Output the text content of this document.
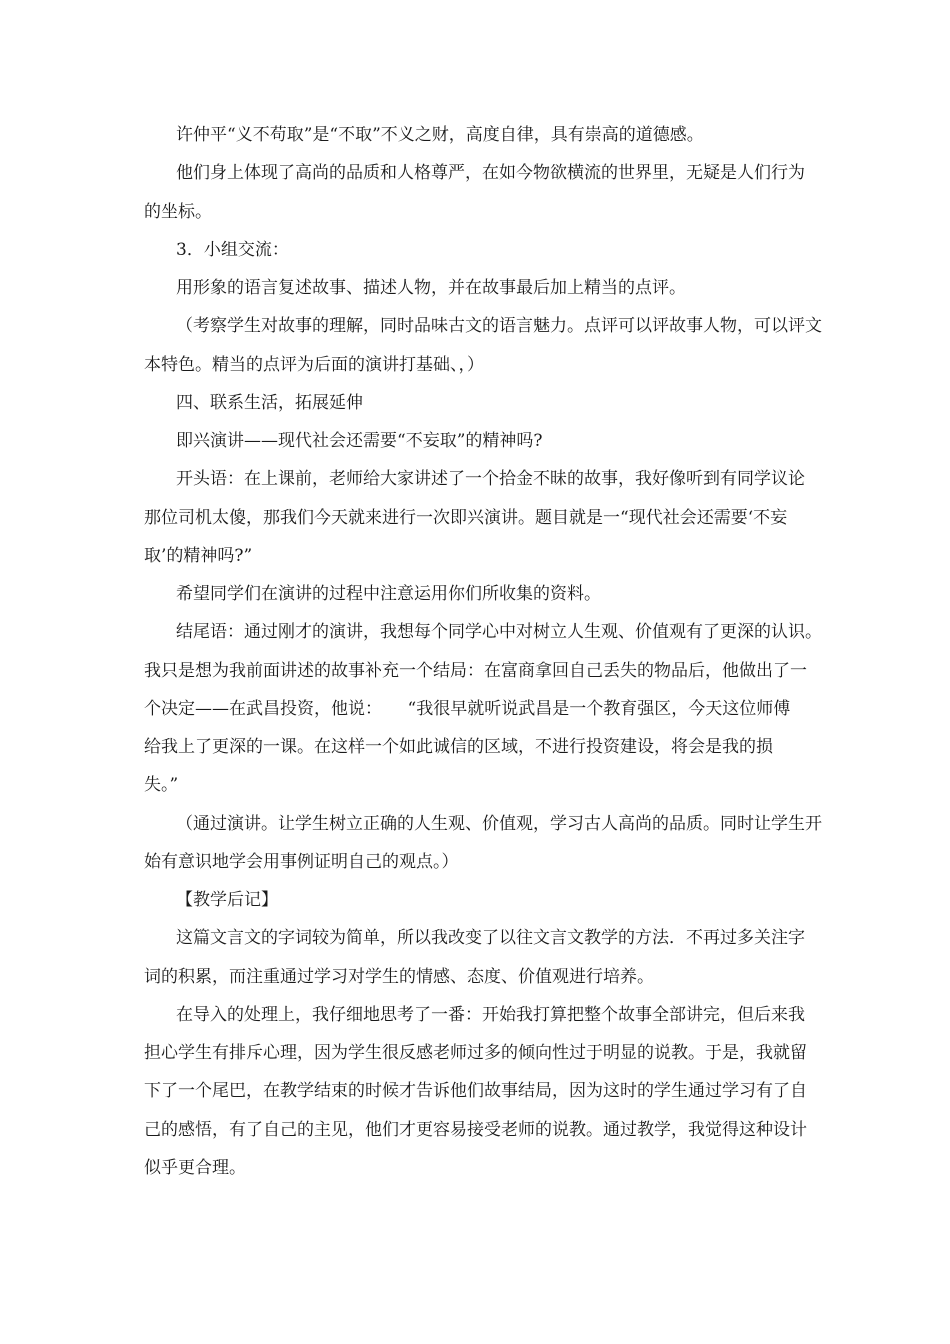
许仲平“义不苟取”是“不取”不义之财，高度自律，具有崇高的道德感。
他们身上体现了高尚的品质和人格尊严，在如今物欲横流的世界里，无疑是人们行为
的坐标。
3．小组交流：
用形象的语言复述故事、描述人物，并在故事最后加上精当的点评。
（考察学生对故事的理解，同时品味古文的语言魅力。点评可以评故事人物，可以评文
本特色。精当的点评为后面的演讲打基础、，）
四、联系生活，拓展延伸
即兴演讲——现代社会还需要“不妄取”的精神吗?
开头语：在上课前，老师给大家讲述了一个拾金不昧的故事，我好像听到有同学议论
那位司机太傻，那我们今天就来进行一次即兴演讲。题目就是一“现代社会还需要‘不妄
取’的精神吗?”
希望同学们在演讲的过程中注意运用你们所收集的资料。
结尾语：通过刚才的演讲，我想每个同学心中对树立人生观、价值观有了更深的认识。
我只是想为我前面讲述的故事补充一个结局：在富商拿回自己丢失的物品后，他做出了一
个决定——在武昌投资，他说：　　“我很早就听说武昌是一个教育强区，今天这位师傅
给我上了更深的一课。在这样一个如此诚信的区域，不进行投资建设，将会是我的损
失。”
（通过演讲。让学生树立正确的人生观、价值观，学习古人高尚的品质。同时让学生开
始有意识地学会用事例证明自己的观点。）
【教学后记】
这篇文言文的字词较为简单，所以我改变了以往文言文教学的方法．不再过多关注字
词的积累，而注重通过学习对学生的情感、态度、价值观进行培养。
在导入的处理上，我仔细地思考了一番：开始我打算把整个故事全部讲完，但后来我
担心学生有排斥心理，因为学生很反感老师过多的倾向性过于明显的说教。于是，我就留
下了一个尾巴，在教学结束的时候才告诉他们故事结局，因为这时的学生通过学习有了自
己的感悟，有了自己的主见，他们才更容易接受老师的说教。通过教学，我觉得这种设计
似乎更合理。
